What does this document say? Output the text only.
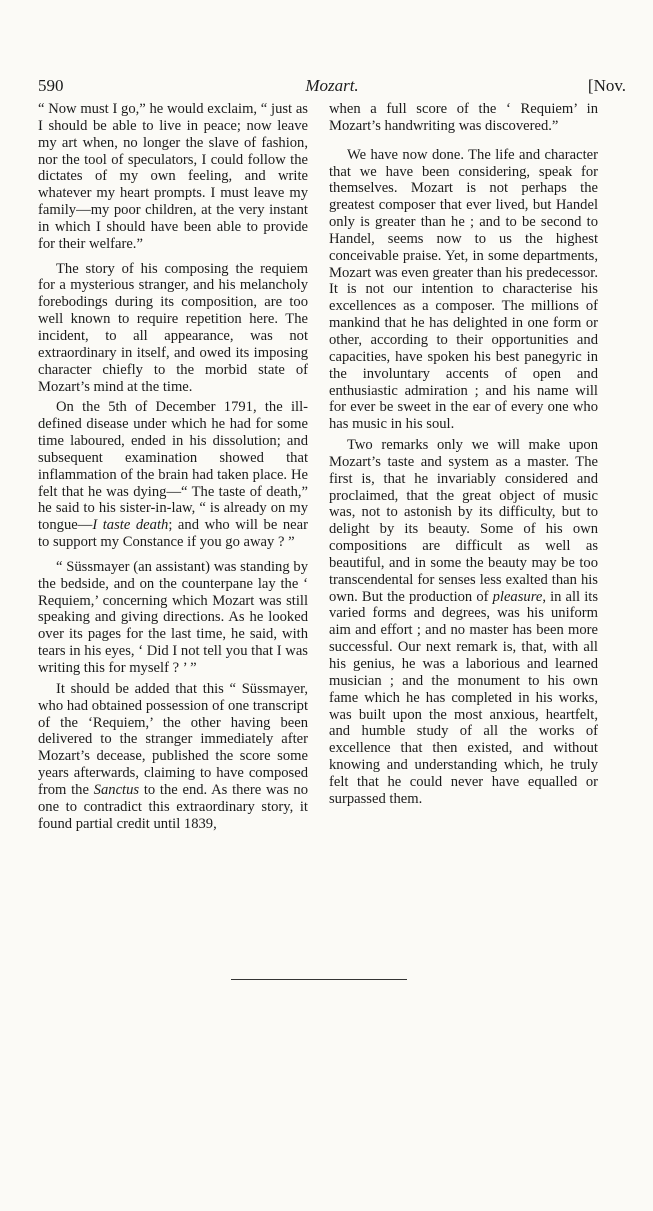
590	Mozart.	[Nov.

“ Now must I go,” he would exclaim, “ just as I should be able to live in peace; now leave my art when, no longer the slave of fashion, nor the tool of speculators, I could follow the dictates of my own feeling, and write whatever my heart prompts. I must leave my family—my poor children, at the very instant in which I should have been able to provide for their welfare.”

The story of his composing the requiem for a mysterious stranger, and his melancholy forebodings during its composition, are too well known to require repetition here. The incident, to all appearance, was not extraordinary in itself, and owed its imposing character chiefly to the morbid state of Mozart’s mind at the time.

On the 5th of December 1791, the ill-defined disease under which he had for some time laboured, ended in his dissolution; and subsequent examination showed that inflammation of the brain had taken place. He felt that he was dying—“ The taste of death,” he said to his sister-in-law, “ is already on my tongue—I taste death; and who will be near to support my Constance if you go away ? ”

“ Süssmayer (an assistant) was standing by the bedside, and on the counterpane lay the ‘ Requiem,’ concerning which Mozart was still speaking and giving directions. As he looked over its pages for the last time, he said, with tears in his eyes, ‘ Did I not tell you that I was writing this for myself ? ’ ”

It should be added that this “ Süssmayer, who had obtained possession of one transcript of the ‘Requiem,’ the other having been delivered to the stranger immediately after Mozart’s decease, published the score some years afterwards, claiming to have composed from the Sanctus to the end. As there was no one to contradict this extraordinary story, it found partial credit until 1839,

when a full score of the ‘ Requiem’ in Mozart’s handwriting was discovered.”

We have now done. The life and character that we have been considering, speak for themselves. Mozart is not perhaps the greatest composer that ever lived, but Handel only is greater than he ; and to be second to Handel, seems now to us the highest conceivable praise. Yet, in some departments, Mozart was even greater than his predecessor. It is not our intention to characterise his excellences as a composer. The millions of mankind that he has delighted in one form or other, according to their opportunities and capacities, have spoken his best panegyric in the involuntary accents of open and enthusiastic admiration ; and his name will for ever be sweet in the ear of every one who has music in his soul.

Two remarks only we will make upon Mozart’s taste and system as a master. The first is, that he invariably considered and proclaimed, that the great object of music was, not to astonish by its difficulty, but to delight by its beauty. Some of his own compositions are difficult as well as beautiful, and in some the beauty may be too transcendental for senses less exalted than his own. But the production of pleasure, in all its varied forms and degrees, was his uniform aim and effort ; and no master has been more successful. Our next remark is, that, with all his genius, he was a laborious and learned musician ; and the monument to his own fame which he has completed in his works, was built upon the most anxious, heartfelt, and humble study of all the works of excellence that then existed, and without knowing and understanding which, he truly felt that he could never have equalled or surpassed them.
